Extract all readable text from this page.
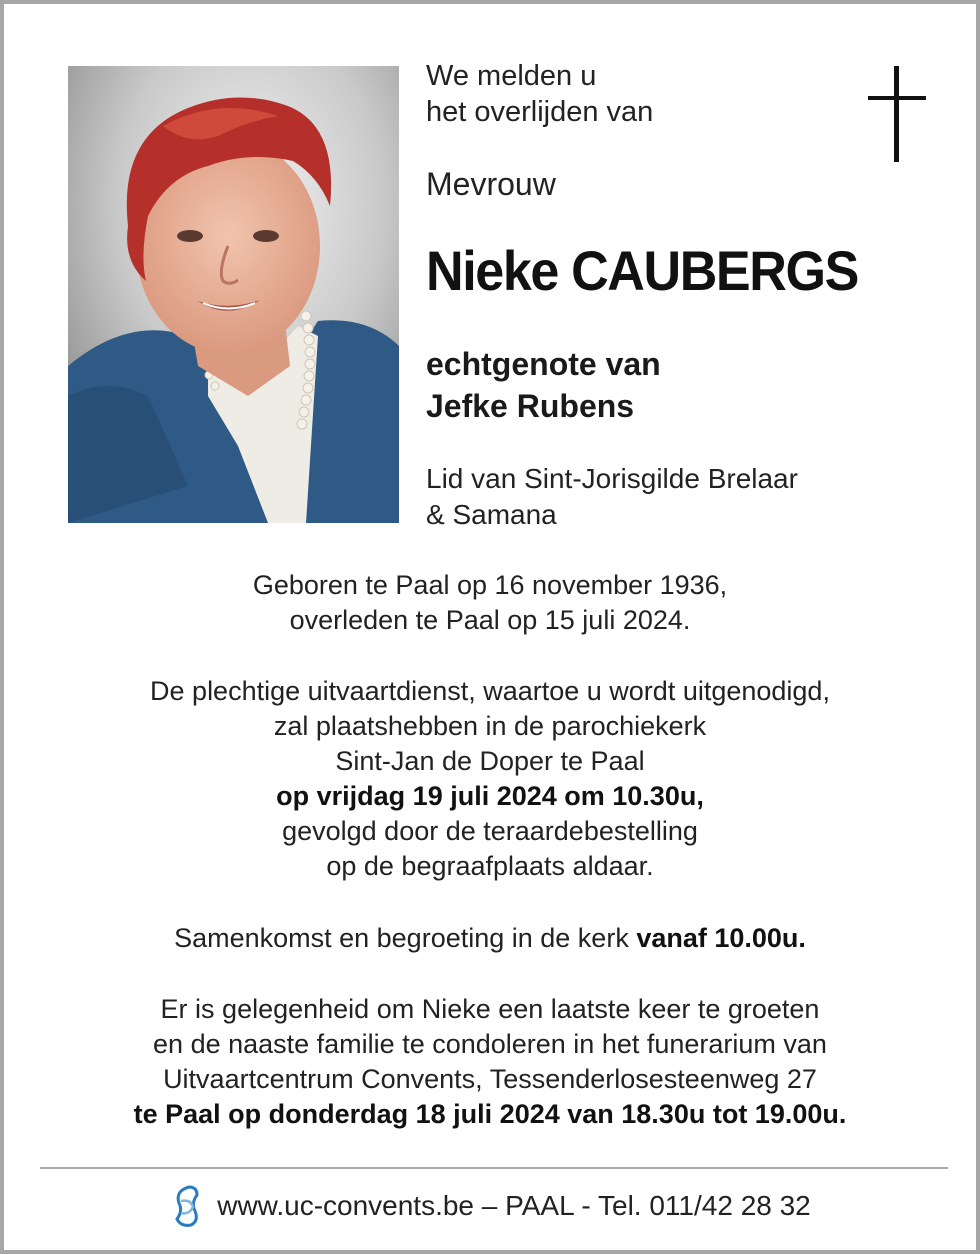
We melden u
het overlijden van
Mevrouw
Nieke CAUBERGS
echtgenote van
Jefke Rubens
Lid van Sint-Jorisgilde Brelaar
& Samana
Geboren te Paal op 16 november 1936,
overleden te Paal op 15 juli 2024.
De plechtige uitvaartdienst, waartoe u wordt uitgenodigd,
zal plaatshebben in de parochiekerk
Sint-Jan de Doper te Paal
op vrijdag 19 juli 2024 om 10.30u,
gevolgd door de teraardebestelling
op de begraafplaats aldaar.
Samenkomst en begroeting in de kerk vanaf 10.00u.
Er is gelegenheid om Nieke een laatste keer te groeten
en de naaste familie te condoleren in het funerarium van
Uitvaartcentrum Convents, Tessenderlosesteenweg 27
te Paal op donderdag 18 juli 2024 van 18.30u tot 19.00u.
www.uc-convents.be – PAAL - Tel. 011/42 28 32
